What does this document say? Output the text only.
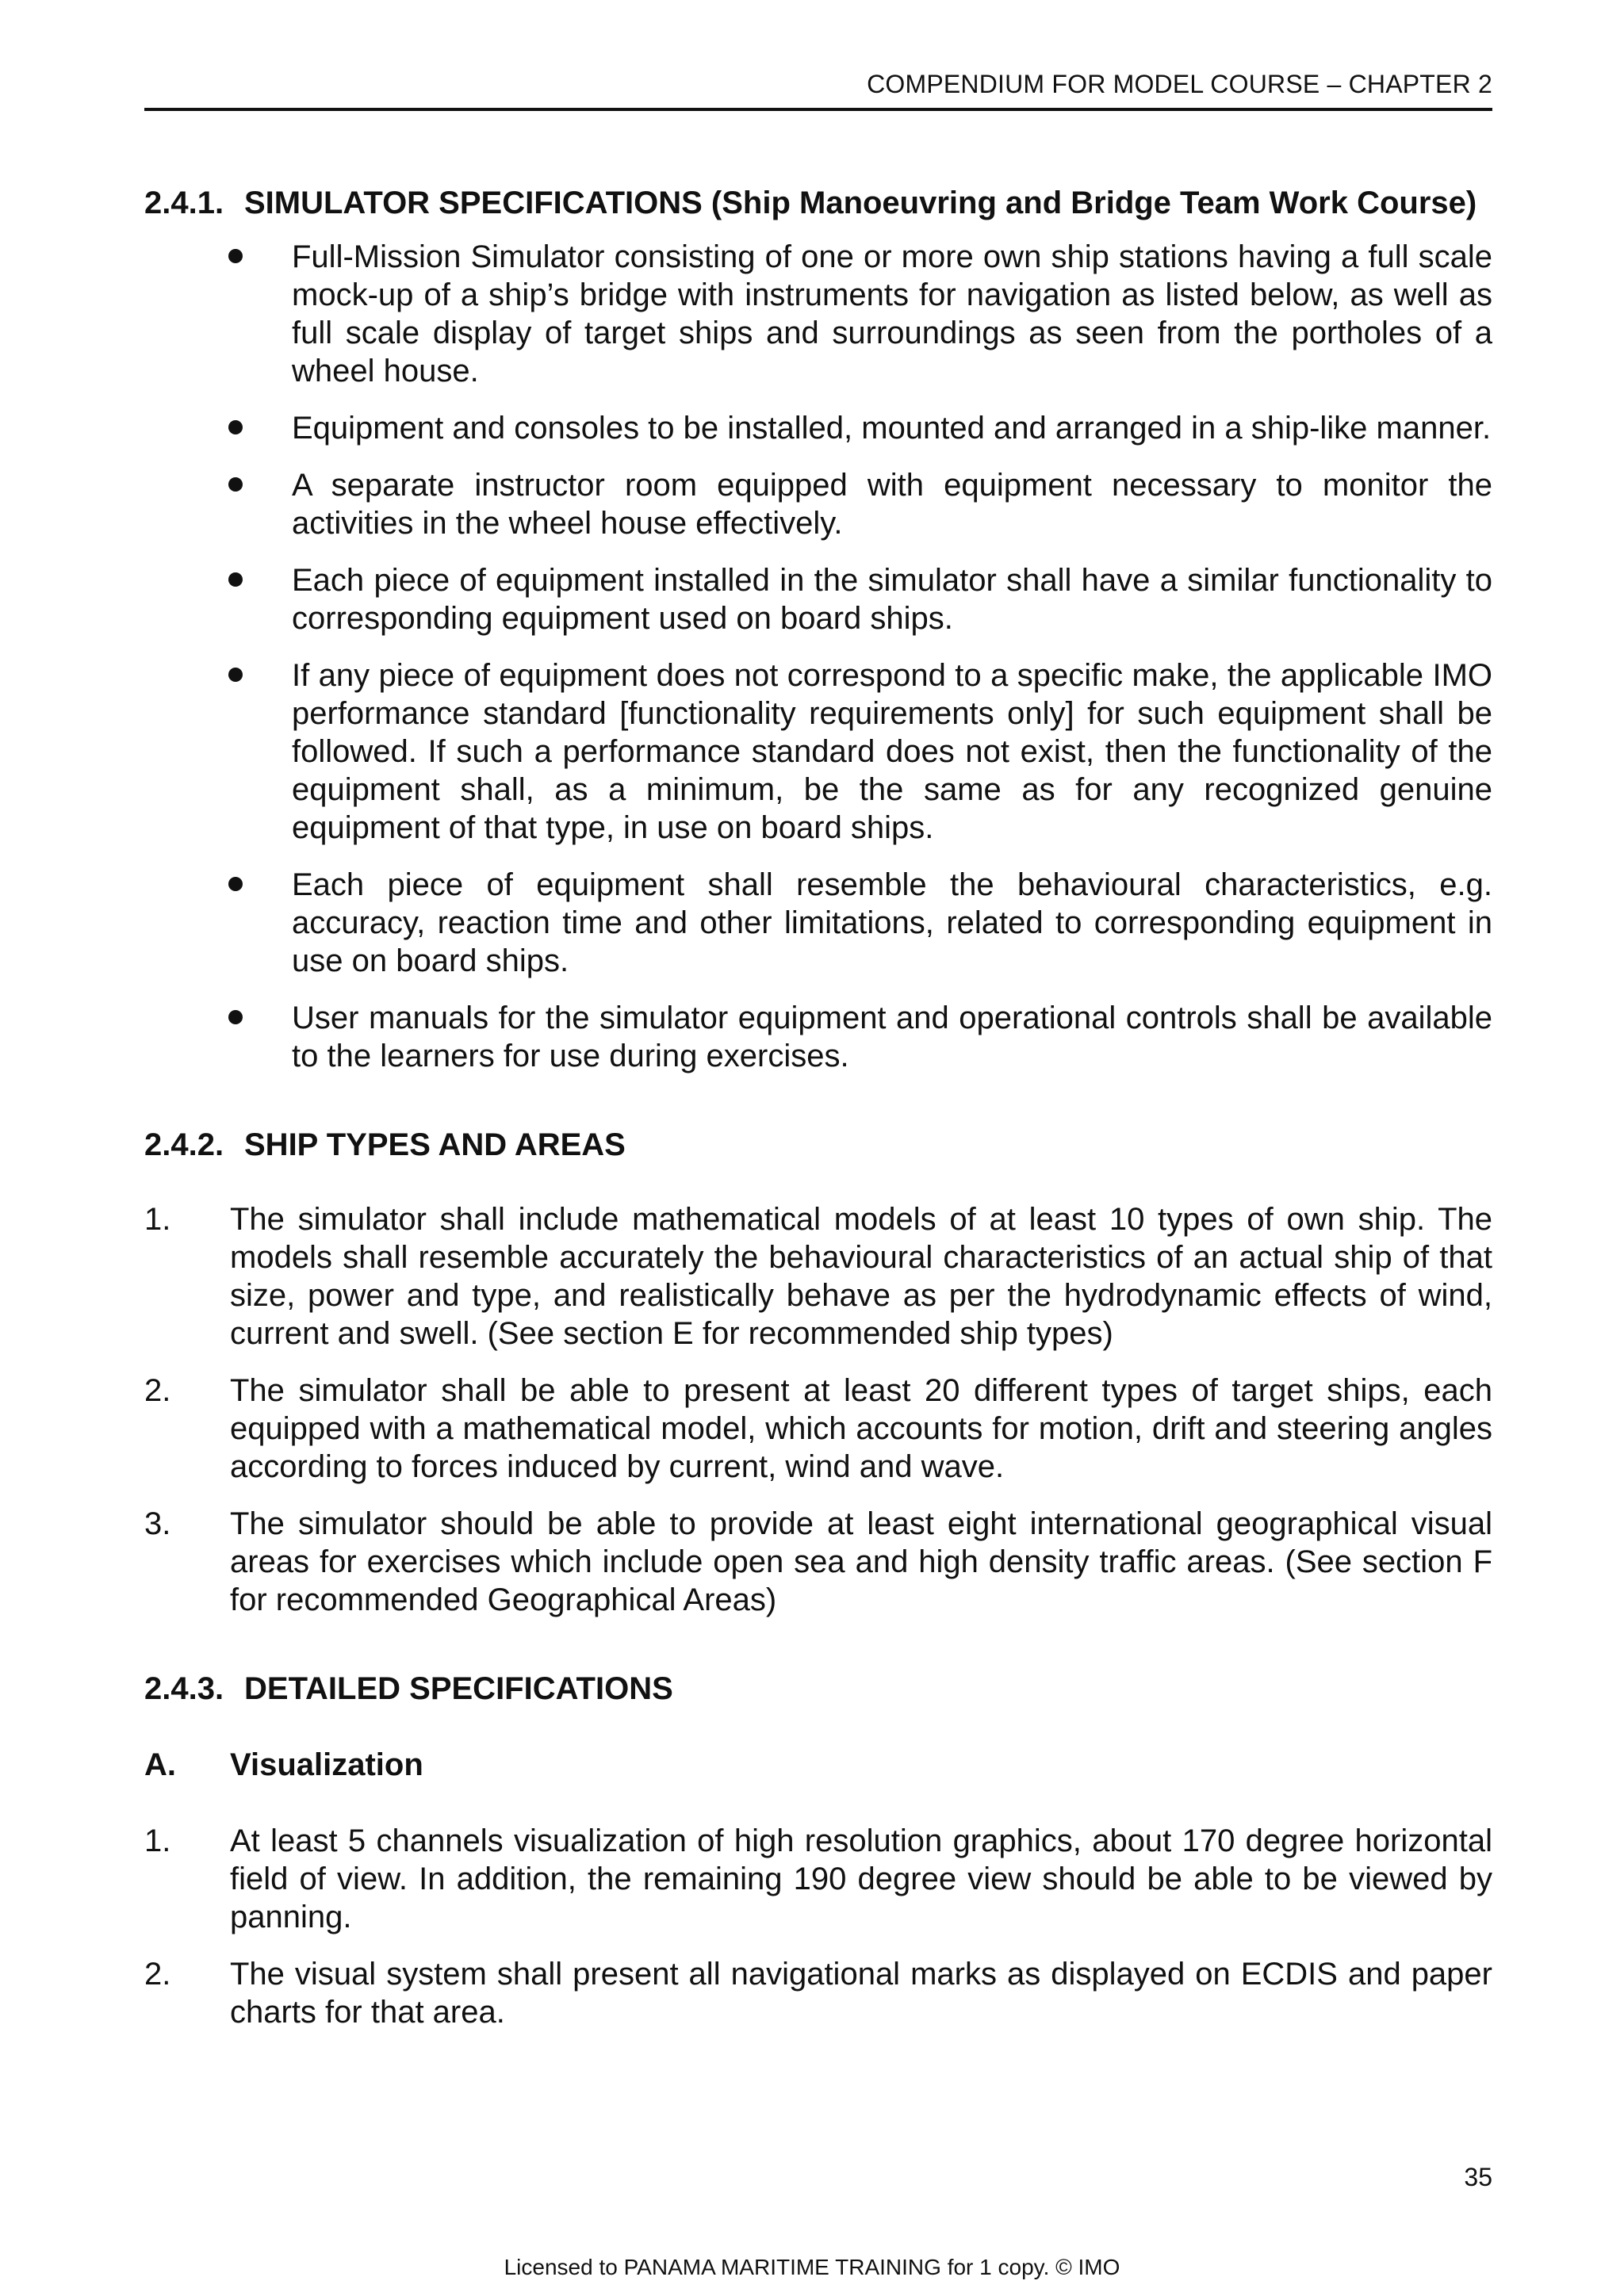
COMPENDIUM FOR MODEL COURSE – CHAPTER 2
2.4.1. SIMULATOR SPECIFICATIONS (Ship Manoeuvring and Bridge Team Work Course)
Full-Mission Simulator consisting of one or more own ship stations having a full scale mock-up of a ship’s bridge with instruments for navigation as listed below, as well as full scale display of target ships and surroundings as seen from the portholes of a wheel house.
Equipment and consoles to be installed, mounted and arranged in a ship-like manner.
A separate instructor room equipped with equipment necessary to monitor the activities in the wheel house effectively.
Each piece of equipment installed in the simulator shall have a similar functionality to corresponding equipment used on board ships.
If any piece of equipment does not correspond to a specific make, the applicable IMO performance standard [functionality requirements only] for such equipment shall be followed. If such a performance standard does not exist, then the functionality of the equipment shall, as a minimum, be the same as for any recognized genuine equipment of that type, in use on board ships.
Each piece of equipment shall resemble the behavioural characteristics, e.g. accuracy, reaction time and other limitations, related to corresponding equipment in use on board ships.
User manuals for the simulator equipment and operational controls shall be available to the learners for use during exercises.
2.4.2. SHIP TYPES AND AREAS
1. The simulator shall include mathematical models of at least 10 types of own ship. The models shall resemble accurately the behavioural characteristics of an actual ship of that size, power and type, and realistically behave as per the hydrodynamic effects of wind, current and swell. (See section E for recommended ship types)
2. The simulator shall be able to present at least 20 different types of target ships, each equipped with a mathematical model, which accounts for motion, drift and steering angles according to forces induced by current, wind and wave.
3. The simulator should be able to provide at least eight international geographical visual areas for exercises which include open sea and high density traffic areas. (See section F for recommended Geographical Areas)
2.4.3. DETAILED SPECIFICATIONS
A.	Visualization
1. At least 5 channels visualization of high resolution graphics, about 170 degree horizontal field of view. In addition, the remaining 190 degree view should be able to be viewed by panning.
2. The visual system shall present all navigational marks as displayed on ECDIS and paper charts for that area.
35
Licensed to PANAMA MARITIME TRAINING for 1 copy. © IMO
